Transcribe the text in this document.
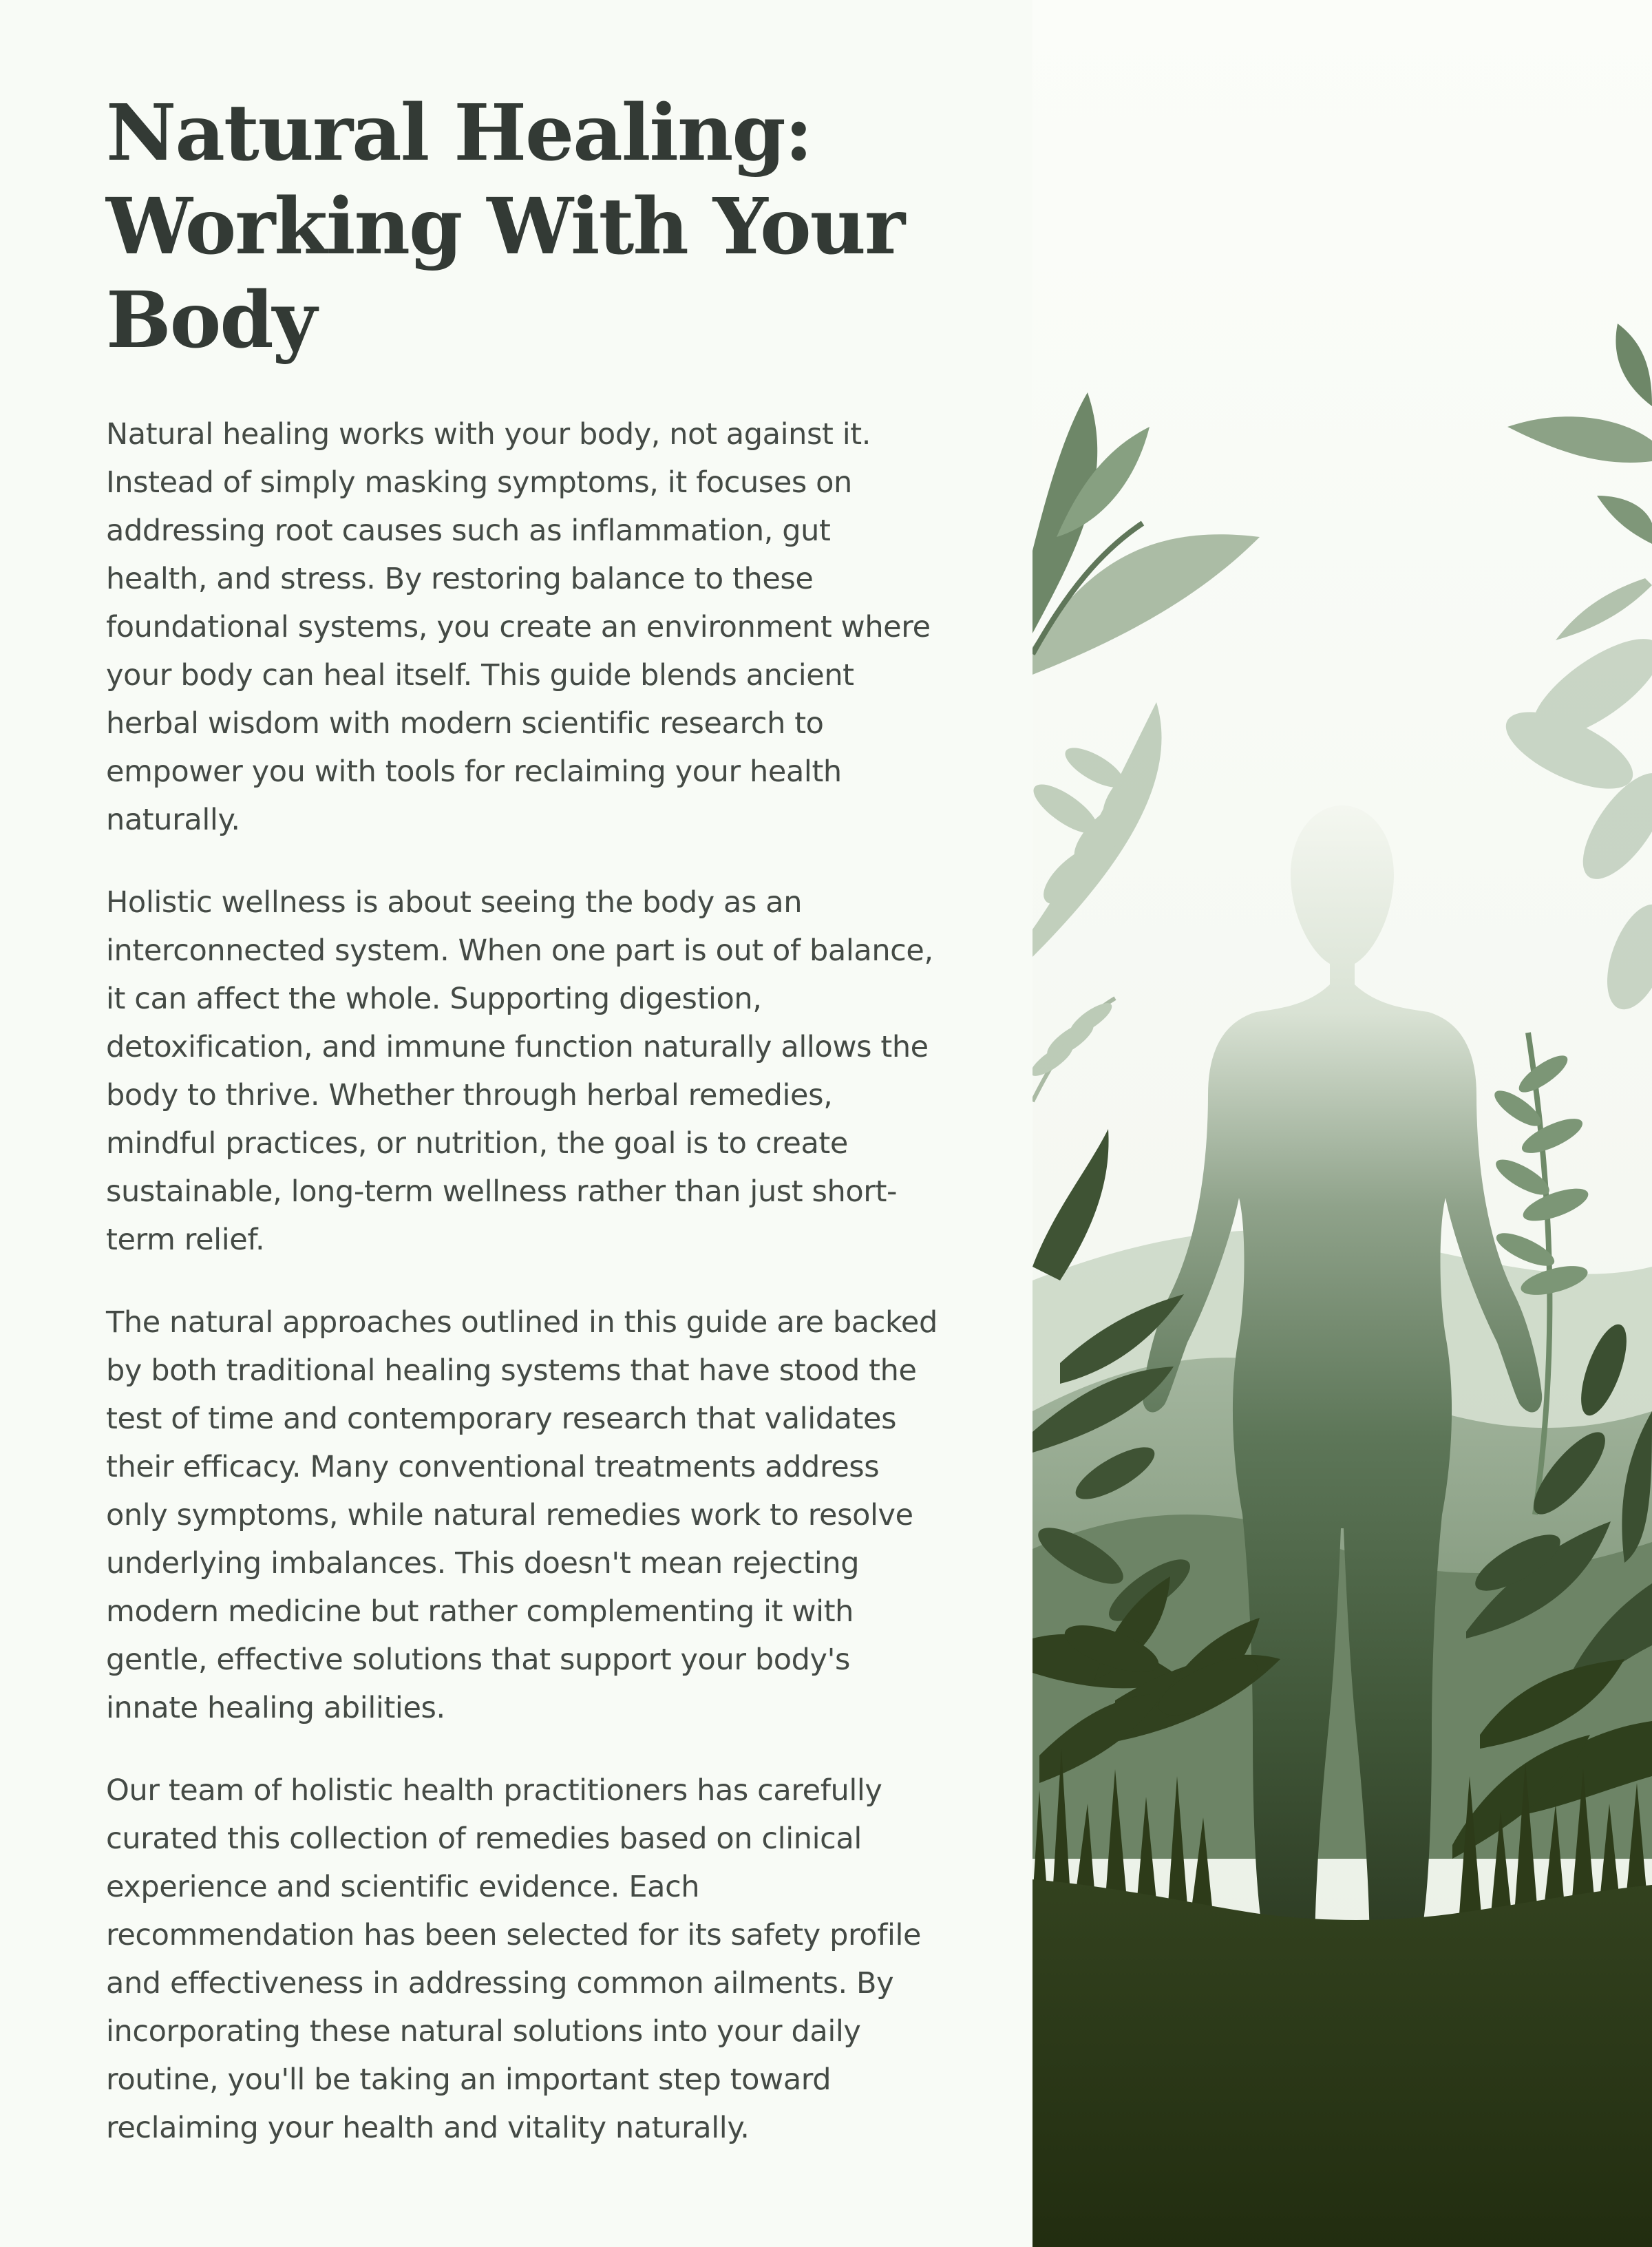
Natural Healing: Working With Your Body

Natural healing works with your body, not against it. Instead of simply masking symptoms, it focuses on addressing root causes such as inflammation, gut health, and stress. By restoring balance to these foundational systems, you create an environment where your body can heal itself. This guide blends ancient herbal wisdom with modern scientific research to empower you with tools for reclaiming your health naturally.

Holistic wellness is about seeing the body as an interconnected system. When one part is out of balance, it can affect the whole. Supporting digestion, detoxification, and immune function naturally allows the body to thrive. Whether through herbal remedies, mindful practices, or nutrition, the goal is to create sustainable, long-term wellness rather than just short-term relief.

The natural approaches outlined in this guide are backed by both traditional healing systems that have stood the test of time and contemporary research that validates their efficacy. Many conventional treatments address only symptoms, while natural remedies work to resolve underlying imbalances. This doesn't mean rejecting modern medicine but rather complementing it with gentle, effective solutions that support your body's innate healing abilities.

Our team of holistic health practitioners has carefully curated this collection of remedies based on clinical experience and scientific evidence. Each recommendation has been selected for its safety profile and effectiveness in addressing common ailments. By incorporating these natural solutions into your daily routine, you'll be taking an important step toward reclaiming your health and vitality naturally.
